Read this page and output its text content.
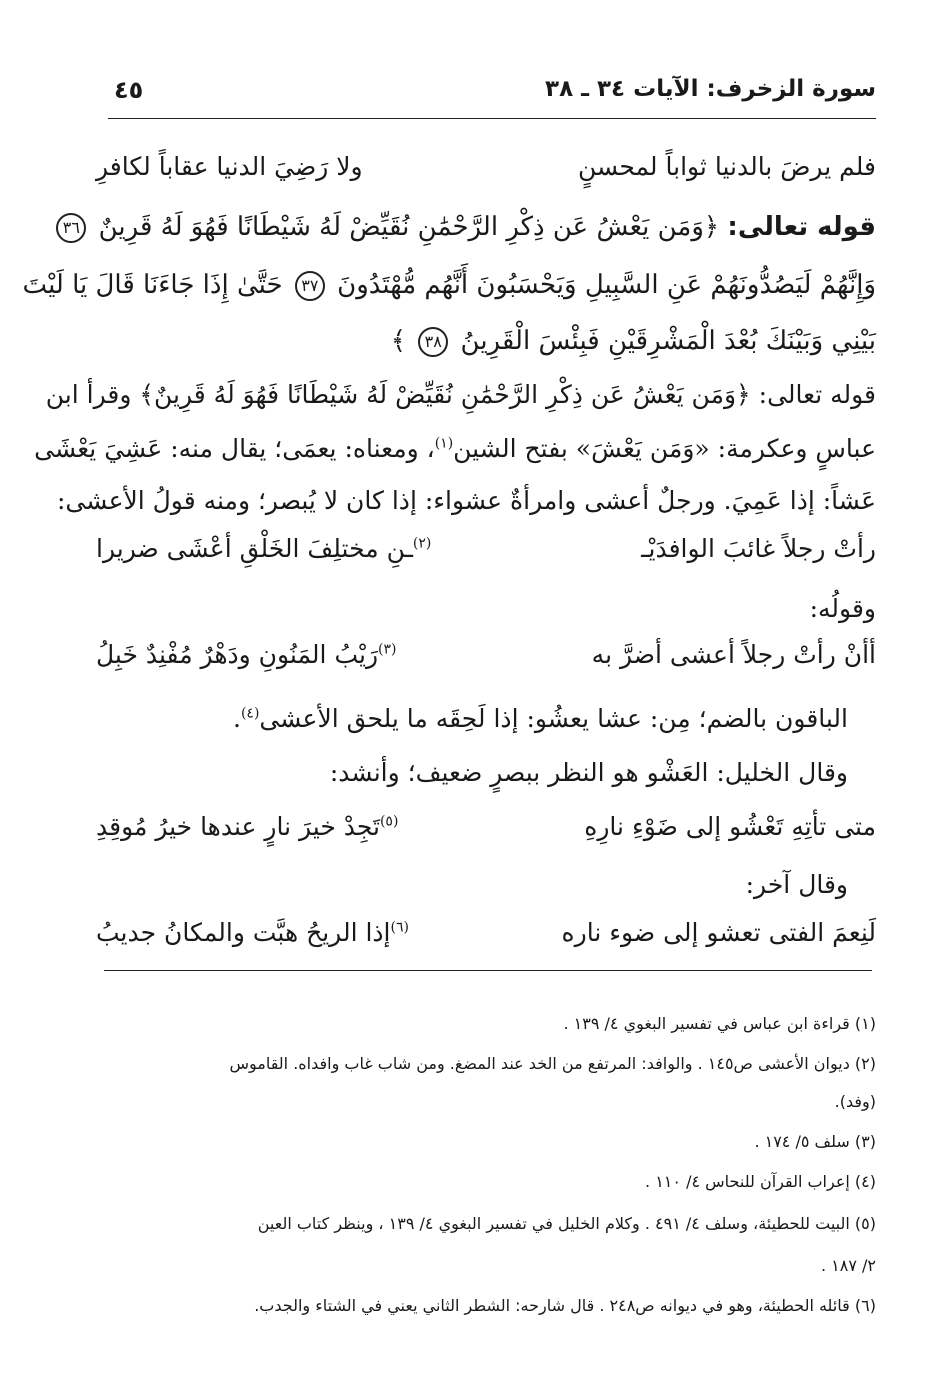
سورة الزخرف: الآيات ٣٤ ـ ٣٨
٤٥
فلم يرضَ بالدنيا ثواباً لمحسنٍ
ولا رَضِيَ الدنيا عقاباً لكافرِ
قوله تعالى: ﴿وَمَن يَعْشُ عَن ذِكْرِ الرَّحْمَٰنِ نُقَيِّضْ لَهُ شَيْطَانًا فَهُوَ لَهُ قَرِينٌ ٣٦
وَإِنَّهُمْ لَيَصُدُّونَهُمْ عَنِ السَّبِيلِ وَيَحْسَبُونَ أَنَّهُم مُّهْتَدُونَ ٣٧ حَتَّىٰ إِذَا جَاءَنَا قَالَ يَا لَيْتَ
بَيْنِي وَبَيْنَكَ بُعْدَ الْمَشْرِقَيْنِ فَبِئْسَ الْقَرِينُ ٣٨ ﴾
قوله تعالى: ﴿وَمَن يَعْشُ عَن ذِكْرِ الرَّحْمَٰنِ نُقَيِّضْ لَهُ شَيْطَانًا فَهُوَ لَهُ قَرِينٌ﴾ وقرأ ابن
عباسٍ وعكرمة: «وَمَن يَعْشَ» بفتح الشين$^{(١)}$، ومعناه: يعمَى؛ يقال منه: عَشِيَ يَعْشَى
عَشاً: إذا عَمِيَ. ورجلٌ أعشى وامرأةٌ عشواء: إذا كان لا يُبصر؛ ومنه قولُ الأعشى:
رأتْ رجلاً غائبَ الوافدَيْـ
$^{(٢)}$ـنِ مختلِفَ الخَلْقِ أعْشَى ضريرا
وقولُه:
أأنْ رأتْ رجلاً أعشى أضرَّ به
$^{(٣)}$رَيْبُ المَنُونِ ودَهْرٌ مُفْنِدٌ خَبِلُ
الباقون بالضم؛ مِن: عشا يعشُو: إذا لَحِقَه ما يلحق الأعشى$^{(٤)}$.
وقال الخليل: العَشْو هو النظر ببصرٍ ضعيف؛ وأنشد:
متى تأتِهِ تَعْشُو إلى ضَوْءِ نارِهِ
$^{(٥)}$تَجِدْ خيرَ نارٍ عندها خيرُ مُوقِدِ
وقال آخر:
لَنِعمَ الفتى تعشو إلى ضوء ناره
$^{(٦)}$إذا الريحُ هبَّت والمكانُ جديبُ
(١) قراءة ابن عباس في تفسير البغوي ٤/ ١٣٩ .
(٢) ديوان الأعشى ص١٤٥ . والوافد: المرتفع من الخد عند المضغ. ومن شاب غاب وافداه. القاموس
(وفد).
(٣) سلف ٥/ ١٧٤ .
(٤) إعراب القرآن للنحاس ٤/ ١١٠ .
(٥) البيت للحطيئة، وسلف ٤/ ٤٩١ . وكلام الخليل في تفسير البغوي ٤/ ١٣٩ ، وينظر كتاب العين
٢/ ١٨٧ .
(٦) قائله الحطيئة، وهو في ديوانه ص٢٤٨ . قال شارحه: الشطر الثاني يعني في الشتاء والجدب.
